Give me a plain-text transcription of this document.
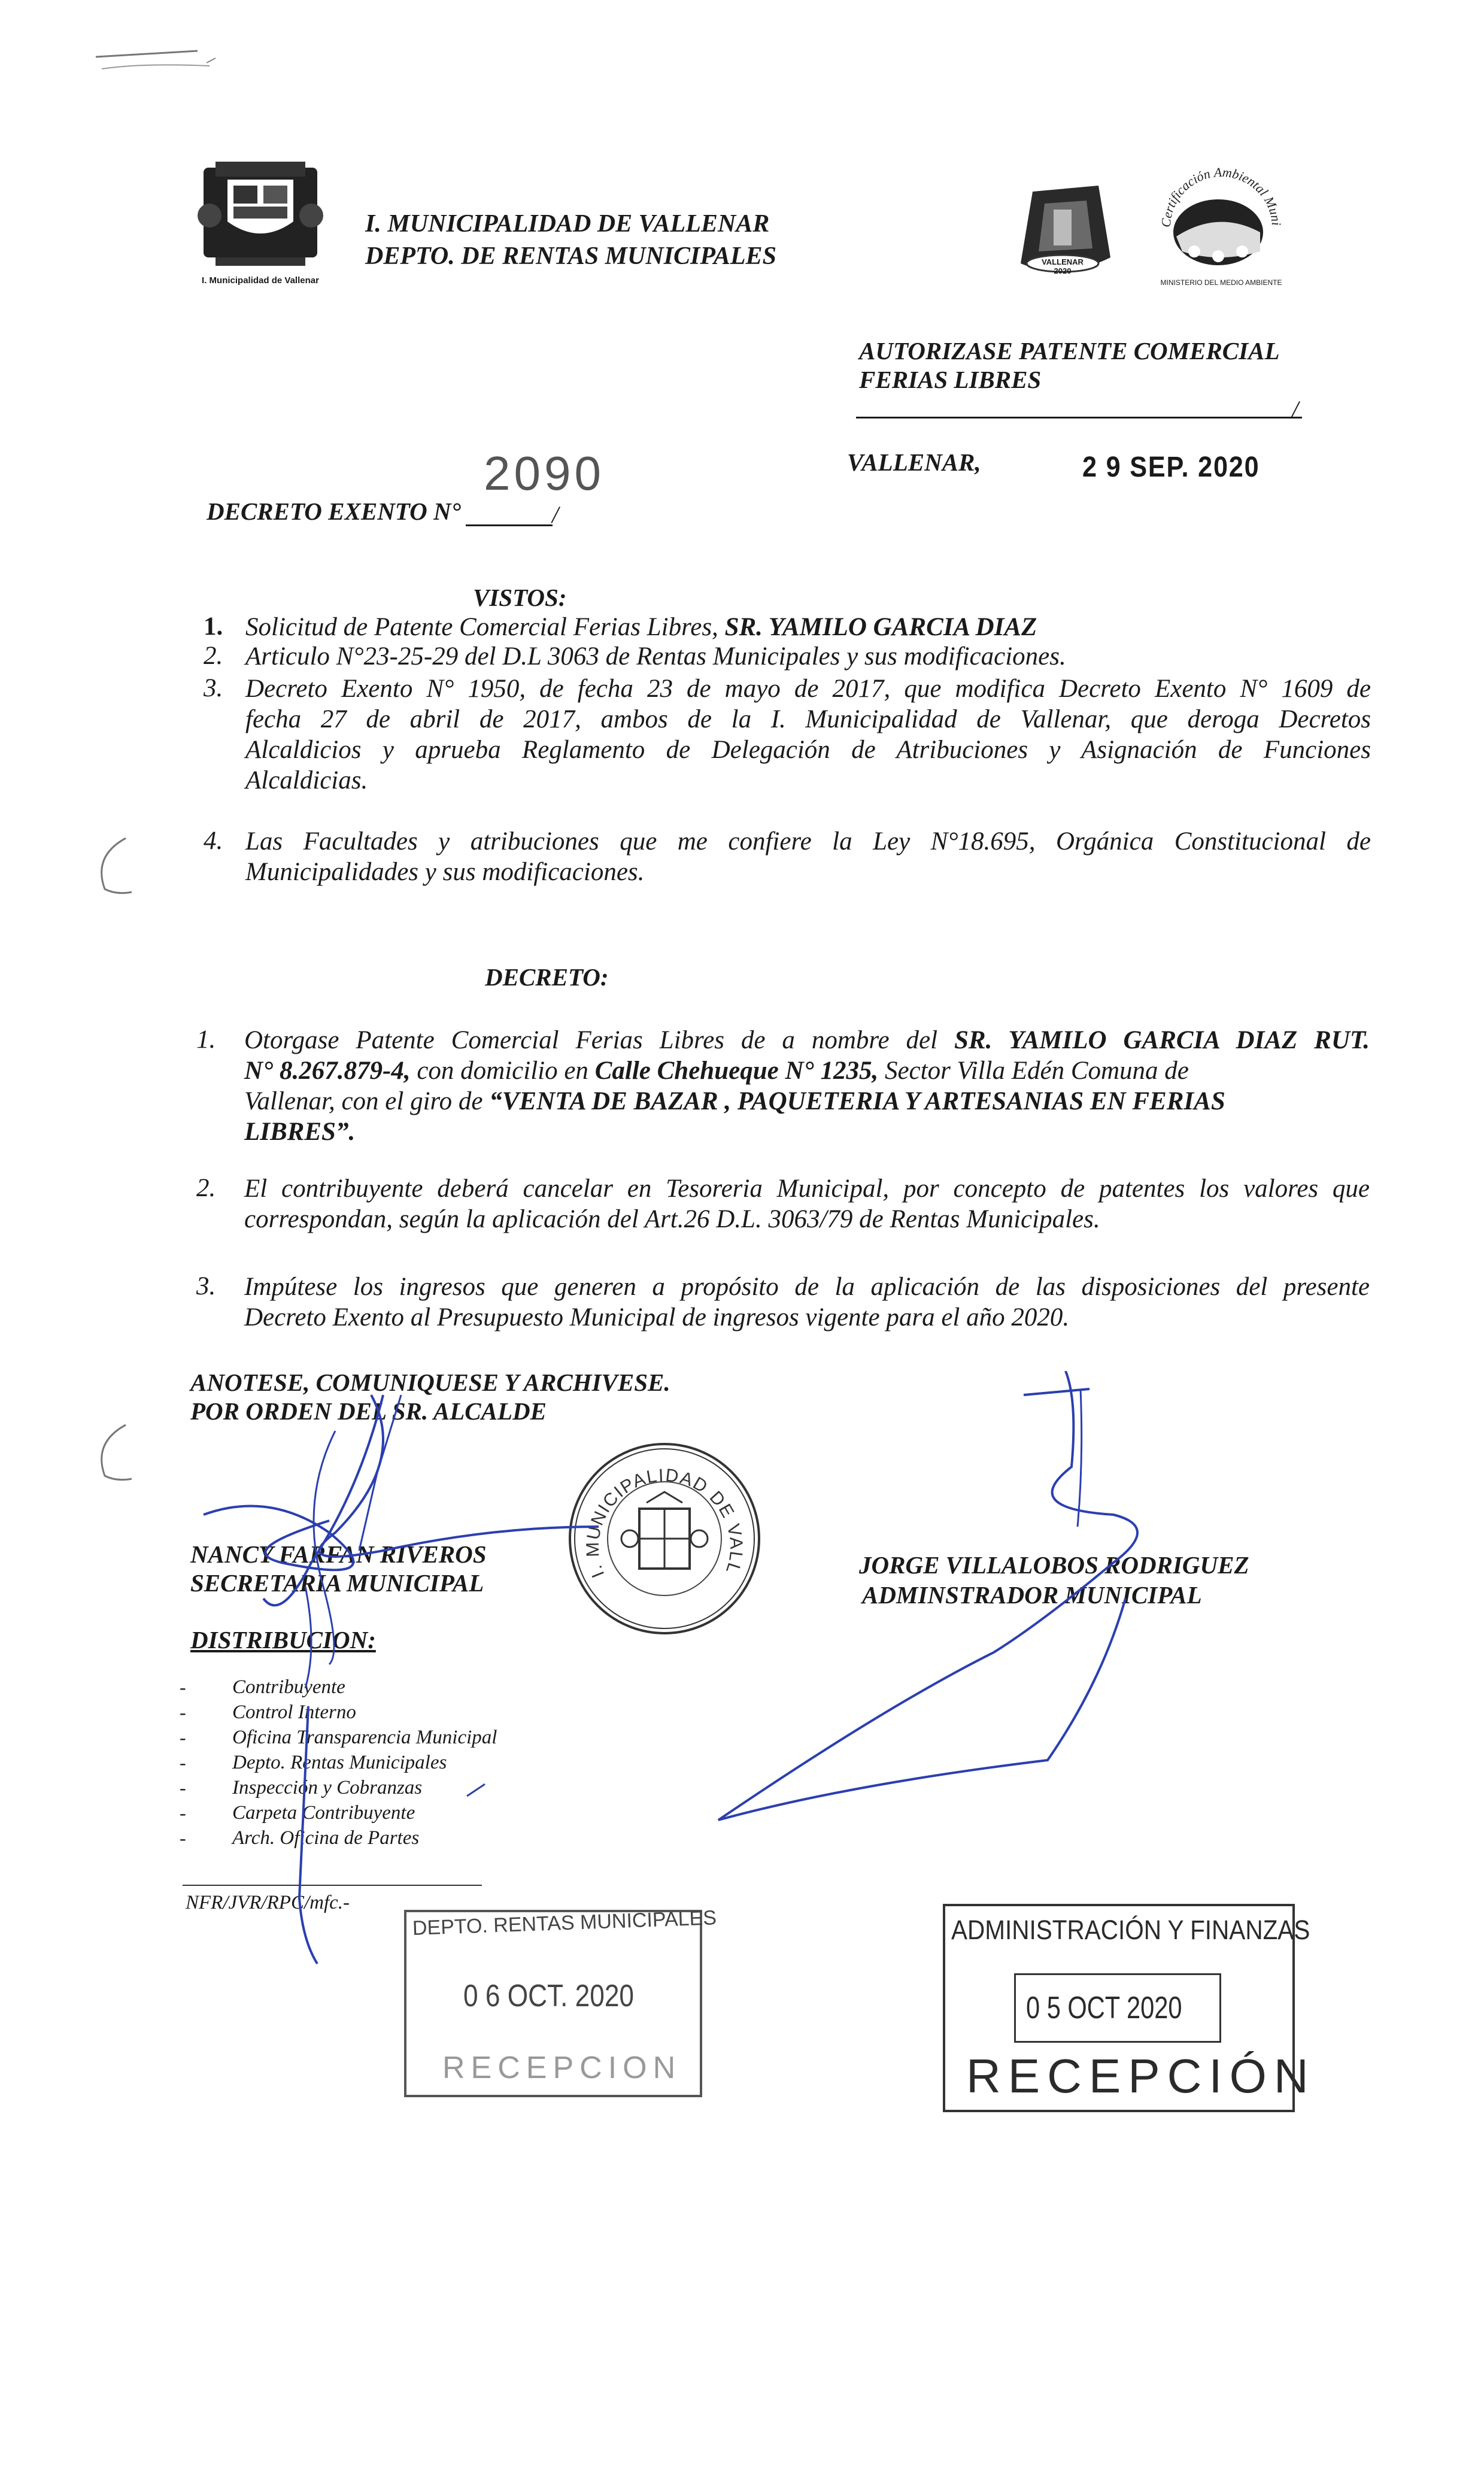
I. Municipalidad de Vallenar
I. MUNICIPALIDAD DE VALLENAR
DEPTO. DE RENTAS MUNICIPALES	VALLENAR 2020
Certificación Ambiental Muni
MINISTERIO DEL MEDIO AMBIENTE
AUTORIZASE PATENTE COMERCIAL
FERIAS LIBRES
/
VALLENAR,	2 9 SEP. 2020
2090
DECRETO EXENTO N°	/
VISTOS:
1. Solicitud de Patente Comercial Ferias Libres, SR. YAMILO GARCIA DIAZ
2. Articulo N°23-25-29 del D.L 3063 de Rentas Municipales y sus modificaciones.
3. Decreto Exento N° 1950, de fecha 23 de mayo de 2017, que modifica Decreto Exento N° 1609 de
fecha 27 de abril de 2017, ambos de la I. Municipalidad de Vallenar, que deroga Decretos
Alcaldicios y aprueba Reglamento de Delegación de Atribuciones y Asignación de Funciones
Alcaldicias.
4. Las Facultades y atribuciones que me confiere la Ley N°18.695, Orgánica Constitucional de
Municipalidades y sus modificaciones.
DECRETO:
1. Otorgase Patente Comercial Ferias Libres de a nombre del SR. YAMILO GARCIA DIAZ RUT.
N° 8.267.879-4, con domicilio en Calle Chehueque N° 1235, Sector Villa Edén Comuna de
Vallenar, con el giro de “VENTA DE BAZAR , PAQUETERIA Y ARTESANIAS EN FERIAS
LIBRES”.
2. El contribuyente deberá cancelar en Tesoreria Municipal, por concepto de patentes los valores que
correspondan, según la aplicación del Art.26 D.L. 3063/79 de Rentas Municipales.
3. Impútese los ingresos que generen a propósito de la aplicación de las disposiciones del presente
Decreto Exento al Presupuesto Municipal de ingresos vigente para el año 2020.
ANOTESE, COMUNIQUESE Y ARCHIVESE.
POR ORDEN DEL SR. ALCALDE
NANCY FARFAN RIVEROS
SECRETARIA MUNICIPAL
JORGE VILLALOBOS RODRIGUEZ
ADMINSTRADOR MUNICIPAL
I. MUNICIPALIDAD DE VALL
DISTRIBUCION:
- Contribuyente
- Control Interno
- Oficina Transparencia Municipal
- Depto. Rentas Municipales
- Inspección y Cobranzas
- Carpeta Contribuyente
- Arch. Oficina de Partes
NFR/JVR/RPC/mfc.-
DEPTO. RENTAS MUNICIPALES
0 6 OCT. 2020
RECEPCION
ADMINISTRACIÓN Y FINANZAS
0 5 OCT 2020
RECEPCIÓN
